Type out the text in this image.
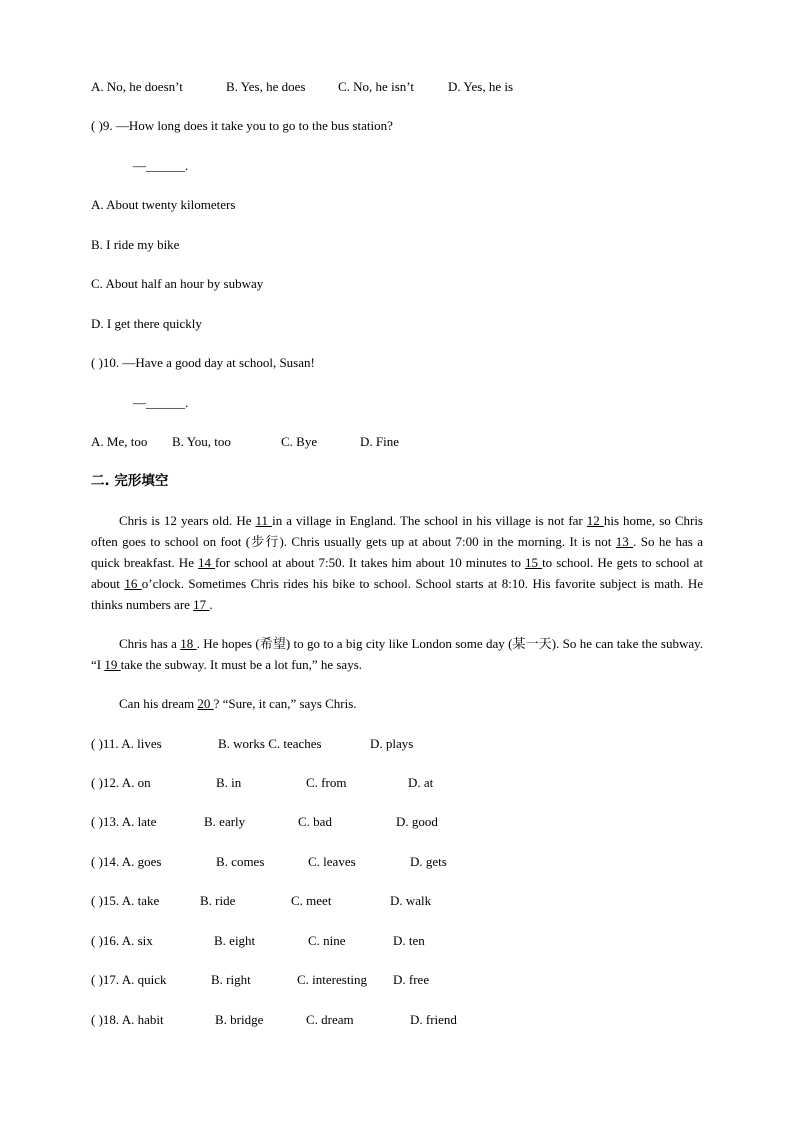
A. No, he doesn’t	B. Yes, he does	C. No, he isn’t	D. Yes, he is
( )9. —How long does it take you to go to the bus station?
—______.
A. About twenty kilometers
B. I ride my bike
C. About half an hour by subway
D. I get there quickly
( )10. —Have a good day at school, Susan!
—______.
A. Me, too B. You, too	C. Bye	D. Fine
二. 完形填空

Chris is 12 years old. He 11 in a village in England. The school in his village is not far 12 his home, so Chris often goes to school on foot (步行). Chris usually gets up at about 7:00 in the morning. It is not 13 . So he has a quick breakfast. He 14 for school at about 7:50. It takes him about 10 minutes to 15 to school. He gets to school at about 16 o’clock. Sometimes Chris rides his bike to school. School starts at 8:10. His favorite subject is math. He thinks numbers are 17 .

Chris has a 18 . He hopes (希望) to go to a big city like London some day (某一天). So he can take the subway. “I 19 take the subway. It must be a lot fun,” he says.

Can his dream 20 ? “Sure, it can,” says Chris.

( )11. A. lives	B. works C. teaches	D. plays
( )12. A. on	B. in	C. from	D. at
( )13. A. late	B. early	C. bad	D. good
( )14. A. goes	B. comes	C. leaves	D. gets
( )15. A. take	B. ride	C. meet	D. walk
( )16. A. six	B. eight	C. nine	D. ten
( )17. A. quick	B. right	C. interesting D. free
( )18. A. habit	B. bridge	C. dream	D. friend
